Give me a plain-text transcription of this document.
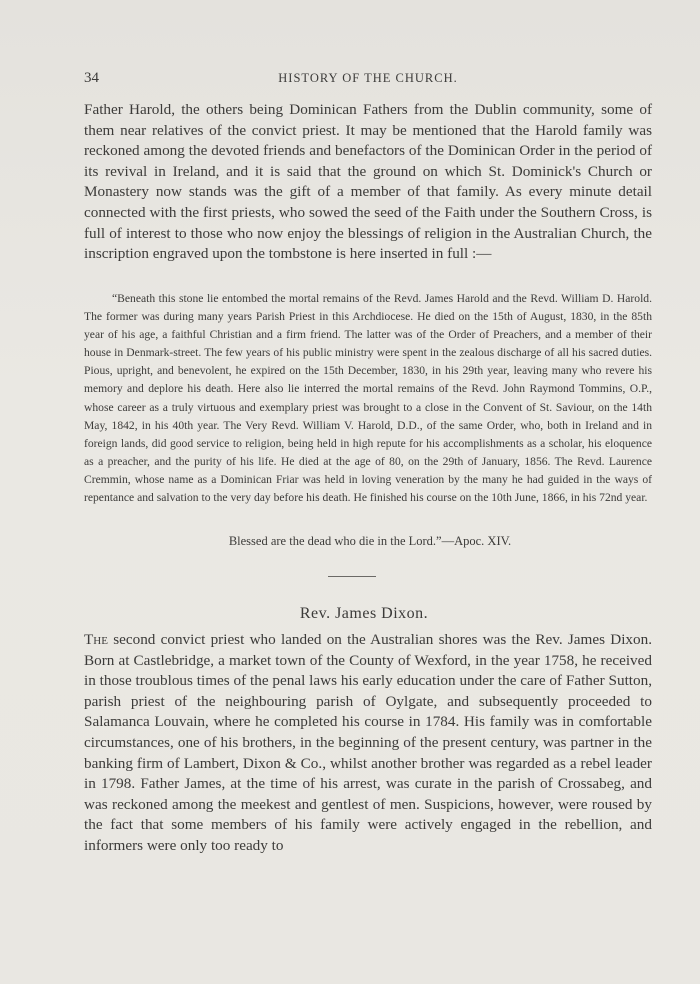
34	HISTORY OF THE CHURCH.

Father Harold, the others being Dominican Fathers from the Dublin community, some of them near relatives of the convict priest. It may be mentioned that the Harold family was reckoned among the devoted friends and benefactors of the Dominican Order in the period of its revival in Ireland, and it is said that the ground on which St. Dominick's Church or Monastery now stands was the gift of a member of that family. As every minute detail connected with the first priests, who sowed the seed of the Faith under the Southern Cross, is full of interest to those who now enjoy the blessings of religion in the Australian Church, the inscription engraved upon the tombstone is here inserted in full :—

“Beneath this stone lie entombed the mortal remains of the Revd. James Harold and the Revd. William D. Harold. The former was during many years Parish Priest in this Archdiocese. He died on the 15th of August, 1830, in the 85th year of his age, a faithful Christian and a firm friend. The latter was of the Order of Preachers, and a member of their house in Denmark-street. The few years of his public ministry were spent in the zealous discharge of all his sacred duties. Pious, upright, and benevolent, he expired on the 15th December, 1830, in his 29th year, leaving many who revere his memory and deplore his death. Here also lie interred the mortal remains of the Revd. John Raymond Tommins, O.P., whose career as a truly virtuous and exemplary priest was brought to a close in the Convent of St. Saviour, on the 14th May, 1842, in his 40th year. The Very Revd. William V. Harold, D.D., of the same Order, who, both in Ireland and in foreign lands, did good service to religion, being held in high repute for his accomplishments as a scholar, his eloquence as a preacher, and the purity of his life. He died at the age of 80, on the 29th of January, 1856. The Revd. Laurence Cremmin, whose name as a Dominican Friar was held in loving veneration by the many he had guided in the ways of repentance and salvation to the very day before his death. He finished his course on the 10th June, 1866, in his 72nd year.

Blessed are the dead who die in the Lord.”—Apoc. XIV.
Rev. James Dixon.

The second convict priest who landed on the Australian shores was the Rev. James Dixon. Born at Castlebridge, a market town of the County of Wexford, in the year 1758, he received in those troublous times of the penal laws his early education under the care of Father Sutton, parish priest of the neighbouring parish of Oylgate, and subsequently proceeded to Salamanca Louvain, where he completed his course in 1784. His family was in comfortable circumstances, one of his brothers, in the beginning of the present century, was partner in the banking firm of Lambert, Dixon & Co., whilst another brother was regarded as a rebel leader in 1798. Father James, at the time of his arrest, was curate in the parish of Crossabeg, and was reckoned among the meekest and gentlest of men. Suspicions, however, were roused by the fact that some members of his family were actively engaged in the rebellion, and informers were only too ready to
